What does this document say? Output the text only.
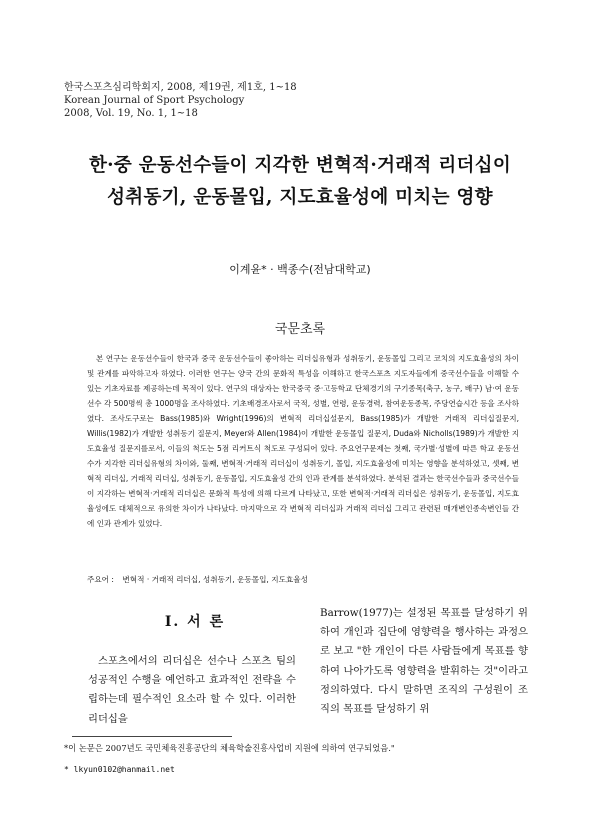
한국스포츠심리학회지, 2008, 제19권, 제1호, 1~18
Korean Journal of Sport Psychology
2008, Vol. 19, No. 1, 1~18
한·중 운동선수들이 지각한 변혁적·거래적 리더십이
성취동기, 운동몰입, 지도효율성에 미치는 영향
이계윤* · 백종수(전남대학교)
국문초록

본 연구는 운동선수들이 한국과 중국 운동선수들이 좋아하는 리더십유형과 성취동기, 운동몰입 그리고 코치의 지도효율성의 차이 및 관계를 파악하고자 하였다. 이러한 연구는 양국 간의 문화적 특성을 이해하고 한국스포츠 지도자들에게 중국선수들을 이해할 수 있는 기초자료를 제공하는데 목적이 있다. 연구의 대상자는 한국중국 중·고등학교 단체경기의 구기종목(축구, 농구, 배구) 남·여 운동선수 각 500명씩 총 1000명을 조사하였다. 기초배경조사로서 국적, 성별, 연령, 운동경력, 참여운동종목, 주당연습시간 등을 조사하였다. 조사도구로는 Bass(1985)와 Wright(1996)의 변혁적 리더십설문지, Bass(1985)가 개발한 거래적 리더십질문지, Willis(1982)가 개발한 성취동기 질문지, Meyer와 Allen(1984)이 개발한 운동몰입 질문지, Duda와 Nicholls(1989)가 개발한 지도효율성 질문지를로서, 이들의 척도는 5점 리커트식 척도로 구성되어 있다. 주요연구문제는 첫째, 국가별·성별에 따른 학교 운동선수가 지각한 리더십유형의 차이와, 둘째, 변혁적·거래적 리더십이 성취동기, 몰입, 지도효율성에 미치는 영향을 분석하였고, 셋째, 변혁적 리더십, 거래적 리더십, 성취동기, 운동몰입, 지도효율성 간의 인과 관계를 분석하였다. 분석된 결과는 한국선수들과 중국선수들이 지각하는 변혁적·거래적 리더십은 문화적 특성에 의해 다르게 나타났고, 또한 변혁적·거래적 리더십은 성취동기, 운동몰입, 지도효율성에도 대체적으로 유의한 차이가 나타났다. 마지막으로 각 변혁적 리더십과 거래적 리더십 그리고 관련된 매개변인종속변인들 간에 인과 관계가 있었다.

주요어 : 변혁적 · 거래적 리더십, 성취동기, 운동몰입, 지도효율성
Ⅰ. 서 론

스포츠에서의 리더십은 선수나 스포츠 팀의 성공적인 수행을 예언하고 효과적인 전략을 수립하는데 필수적인 요소라 할 수 있다. 이러한 리더십을

Barrow(1977)는 설정된 목표를 달성하기 위하여 개인과 집단에 영향력을 행사하는 과정으로 보고 "한 개인이 다른 사람들에게 목표를 향하여 나아가도록 영향력을 발휘하는 것"이라고 정의하였다. 다시 말하면 조직의 구성원이 조직의 목표를 달성하기 위

*이 논문은 2007년도 국민체육진흥공단의 체육학술진흥사업비 지원에 의하여 연구되었음."
* lkyun0102@hanmail.net
